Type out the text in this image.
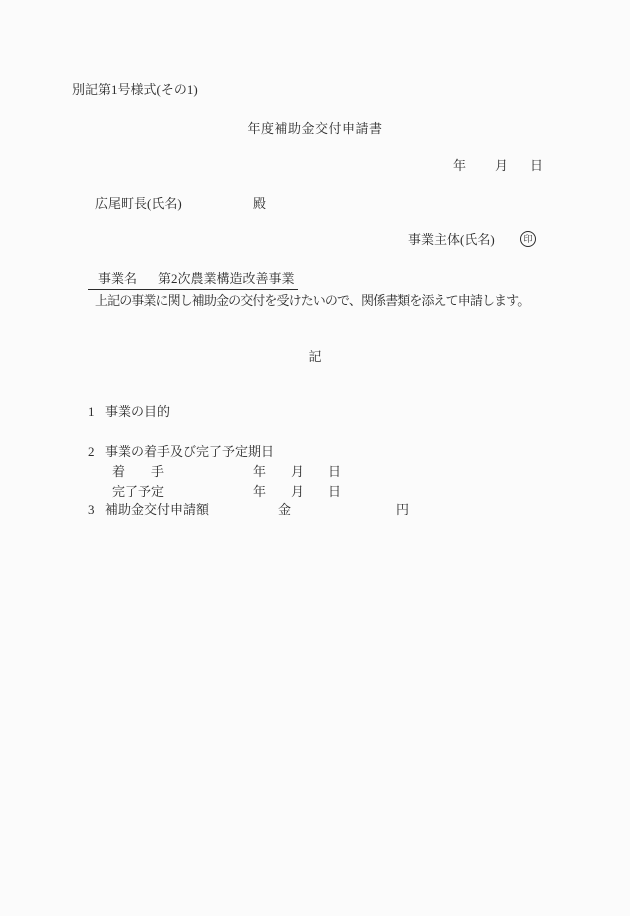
別記第1号様式(その1)
年度補助金交付申請書
年 月 日
広尾町長(氏名)	殿
事業主体(氏名)	印
事業名 第2次農業構造改善事業
上記の事業に関し補助金の交付を受けたいので、関係書類を添えて申請します。
記
1 事業の目的
2 事業の着手及び完了予定期日
着　　手	年 月 日
完了予定	年 月 日
3 補助金交付申請額	金	円
